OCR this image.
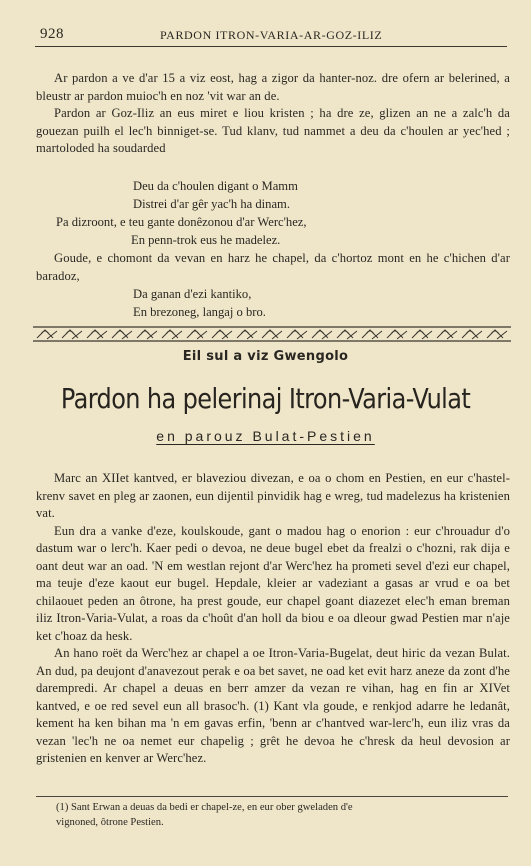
928	PARDON ITRON-VARIA-AR-GOZ-ILIZ

Ar pardon a ve d'ar 15 a viz eost, hag a zigor da hanter-noz. dre ofern ar belerined, a bleustr ar pardon muioc'h en noz 'vit war an de.

Pardon ar Goz-Iliz an eus miret e liou kristen ; ha dre ze, glizen an ne a zalc'h da gouezan puilh el lec'h binniget-se. Tud klanv, tud nammet a deu da c'houlen ar yec'hed ; martoloded ha soudarded

Deu da c'houlen digant o Mamm
Distrei d'ar gêr yac'h ha dinam.
Pa dizroont, e teu gante donêzonou d'ar Werc'hez,
En penn-trok eus he madelez.

Goude, e chomont da vevan en harz he chapel, da c'hortoz mont en he c'hichen d'ar baradoz,

Da ganan d'ezi kantiko,
En brezoneg, langaj o bro.
Eil sul a viz Gwengolo
Pardon ha pelerinaj Itron-Varia-Vulat
en parouz Bulat-Pestien

Marc an XIIet kantved, er blaveziou divezan, e oa o chom en Pestien, en eur c'hastel-krenv savet en pleg ar zaonen, eun dijentil pinvidik hag e wreg, tud madelezus ha kristenien vat.

Eun dra a vanke d'eze, koulskoude, gant o madou hag o enorion : eur c'hrouadur d'o dastum war o lerc'h. Kaer pedi o devoa, ne deue bugel ebet da frealzi o c'hozni, rak dija e oant deut war an oad. 'N em westlan rejont d'ar Werc'hez ha prometi sevel d'ezi eur chapel, ma teuje d'eze kaout eur bugel. Hepdale, kleier ar vadeziant a gasas ar vrud e oa bet chilaouet peden an ôtrone, ha prest goude, eur chapel goant diazezet elec'h eman breman iliz Itron-Varia-Vulat, a roas da c'hoût d'an holl da biou e oa dleour gwad Pestien mar n'aje ket c'hoaz da hesk.

An hano roët da Werc'hez ar chapel a oe Itron-Varia-Bugelat, deut hiric da vezan Bulat. An dud, pa deujont d'anavezout perak e oa bet savet, ne oad ket evit harz aneze da zont d'he darempredi. Ar chapel a deuas en berr amzer da vezan re vihan, hag en fin ar XIVet kantved, e oe red sevel eun all brasoc'h. (1) Kant vla goude, e renkjod adarre he ledanât, kement ha ken bihan ma 'n em gavas erfin, 'benn ar c'hantved war-lerc'h, eun iliz vras da vezan 'lec'h ne oa nemet eur chapelig ; grêt he devoa he c'hresk da heul devosion ar gristenien en kenver ar Werc'hez.

(1) Sant Erwan a deuas da bedi er chapel-ze, en eur ober gweladen d'e
vignoned, ôtrone Pestien.
